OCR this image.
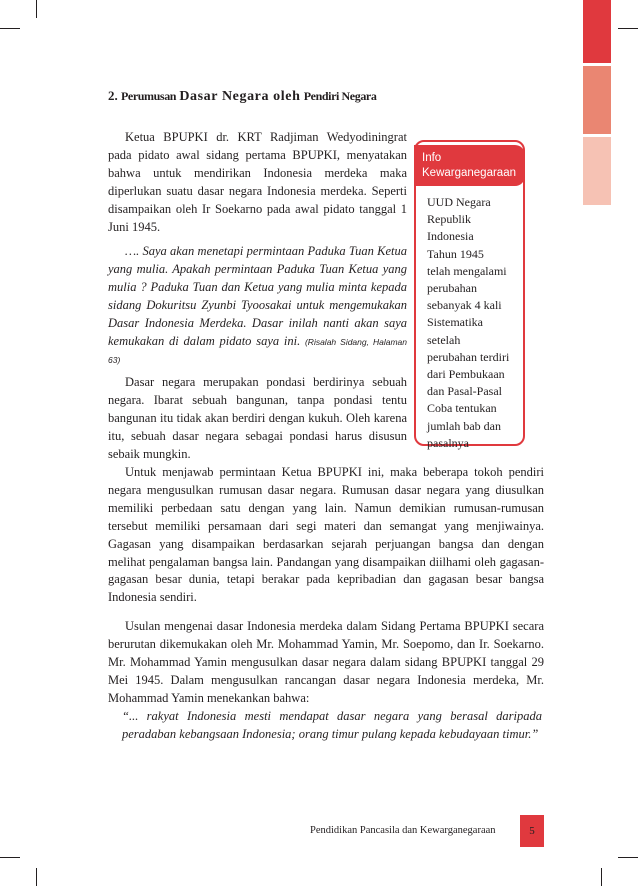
2. Perumusan Dasar Negara oleh Pendiri Negara

Ketua BPUPKI dr. KRT Radjiman Wedyodiningrat pada pidato awal sidang pertama BPUPKI, menyatakan bahwa untuk mendirikan Indonesia merdeka maka diperlukan suatu dasar negara Indonesia merdeka. Seperti disampaikan oleh Ir Soekarno pada awal pidato tanggal 1 Juni 1945.

…. Saya akan menetapi permintaan Paduka Tuan Ketua yang mulia. Apakah permintaan Paduka Tuan Ketua yang mulia ? Paduka Tuan dan Ketua yang mulia minta kepada sidang Dokuritsu Zyunbi Tyoosakai untuk mengemukakan Dasar Indonesia Merdeka. Dasar inilah nanti akan saya kemukakan di dalam pidato saya ini. (Risalah Sidang, Halaman 63)

Dasar negara merupakan pondasi berdirinya sebuah negara. Ibarat sebuah bangunan, tanpa pondasi tentu bangunan itu tidak akan berdiri dengan kukuh. Oleh karena itu, sebuah dasar negara sebagai pondasi harus disusun sebaik mungkin.

Untuk menjawab permintaan Ketua BPUPKI ini, maka beberapa tokoh pendiri negara mengusulkan rumusan dasar negara. Rumusan dasar negara yang diusulkan memiliki perbedaan satu dengan yang lain. Namun demikian rumusan-rumusan tersebut memiliki persamaan dari segi materi dan semangat yang menjiwainya. Gagasan yang disampaikan berdasarkan sejarah perjuangan bangsa dan dengan melihat pengalaman bangsa lain. Pandangan yang disampaikan diilhami oleh gagasan-gagasan besar dunia, tetapi berakar pada kepribadian dan gagasan besar bangsa Indonesia sendiri.

Usulan mengenai dasar Indonesia merdeka dalam Sidang Pertama BPUPKI secara berurutan dikemukakan oleh Mr. Mohammad Yamin, Mr. Soepomo, dan Ir. Soekarno. Mr. Mohammad Yamin mengusulkan dasar negara dalam sidang BPUPKI tanggal 29 Mei 1945. Dalam mengusulkan rancangan dasar negara Indonesia merdeka, Mr. Mohammad Yamin menekankan bahwa:

“... rakyat Indonesia mesti mendapat dasar negara yang berasal daripada peradaban kebangsaan Indonesia; orang timur pulang kepada kebudayaan timur.”

Info
Kewarganegaraan

UUD Negara
Republik
Indonesia
Tahun 1945
telah mengalami
perubahan
sebanyak 4 kali
Sistematika
setelah
perubahan terdiri
dari Pembukaan
dan Pasal-Pasal
Coba tentukan
jumlah bab dan
pasalnya

Pendidikan Pancasila dan Kewarganegaraan	5
